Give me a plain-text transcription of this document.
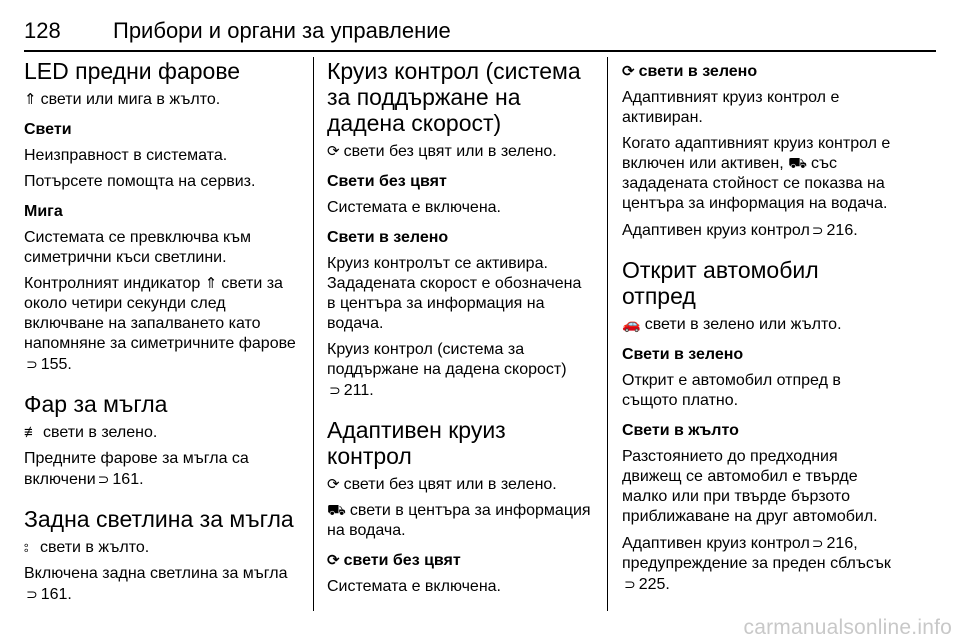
128 Прибори и органи за управление
LED предни фарове
⇑ свети или мига в жълто.
Свети
Неизправност в системата.
Потърсете помощта на сервиз.
Мига
Системата се превключва към симетрични къси светлини.
Контролният индикатор ⇑ свети за около четири секунди след включване на запалването като напомняне за симетричните фарове⊃ 155.
Фар за мъгла
≢ свети в зелено.
Предните фарове за мъгла са включени ⊃ 161.
Задна светлина за мъгла
⦂ свети в жълто.
Включена задна светлина за мъгла
⊃ 161.
Круиз контрол (система за поддържане на дадена скорост)
⟳ свети без цвят или в зелено.
Свети без цвят
Системата е включена.
Свети в зелено
Круиз контролът се активира. Зададената скорост е обозначена в центъра за информация на водача.
Круиз контрол (система за поддържане на дадена скорост)
⊃ 211.
Адаптивен круиз контрол
⟳ свети без цвят или в зелено.
⛟ свети в центъра за информация на водача.
⟳ свети без цвят
Системата е включена.
⟳ свети в зелено
Адаптивният круиз контрол е активиран.
Когато адаптивният круиз контрол е включен или активен, ⛟ със зададената стойност се показва на центъра за информация на водача.
Адаптивен круиз контрол ⊃ 216.
Открит автомобил отпред
🚗 свети в зелено или жълто.
Свети в зелено
Открит е автомобил отпред в същото платно.
Свети в жълто
Разстоянието до предходния движещ се автомобил е твърде малко или при твърде бързото приближаване на друг автомобил.
Адаптивен круиз контрол ⊃ 216, предупреждение за преден сблъсък⊃ 225.
carmanualsonline.info
